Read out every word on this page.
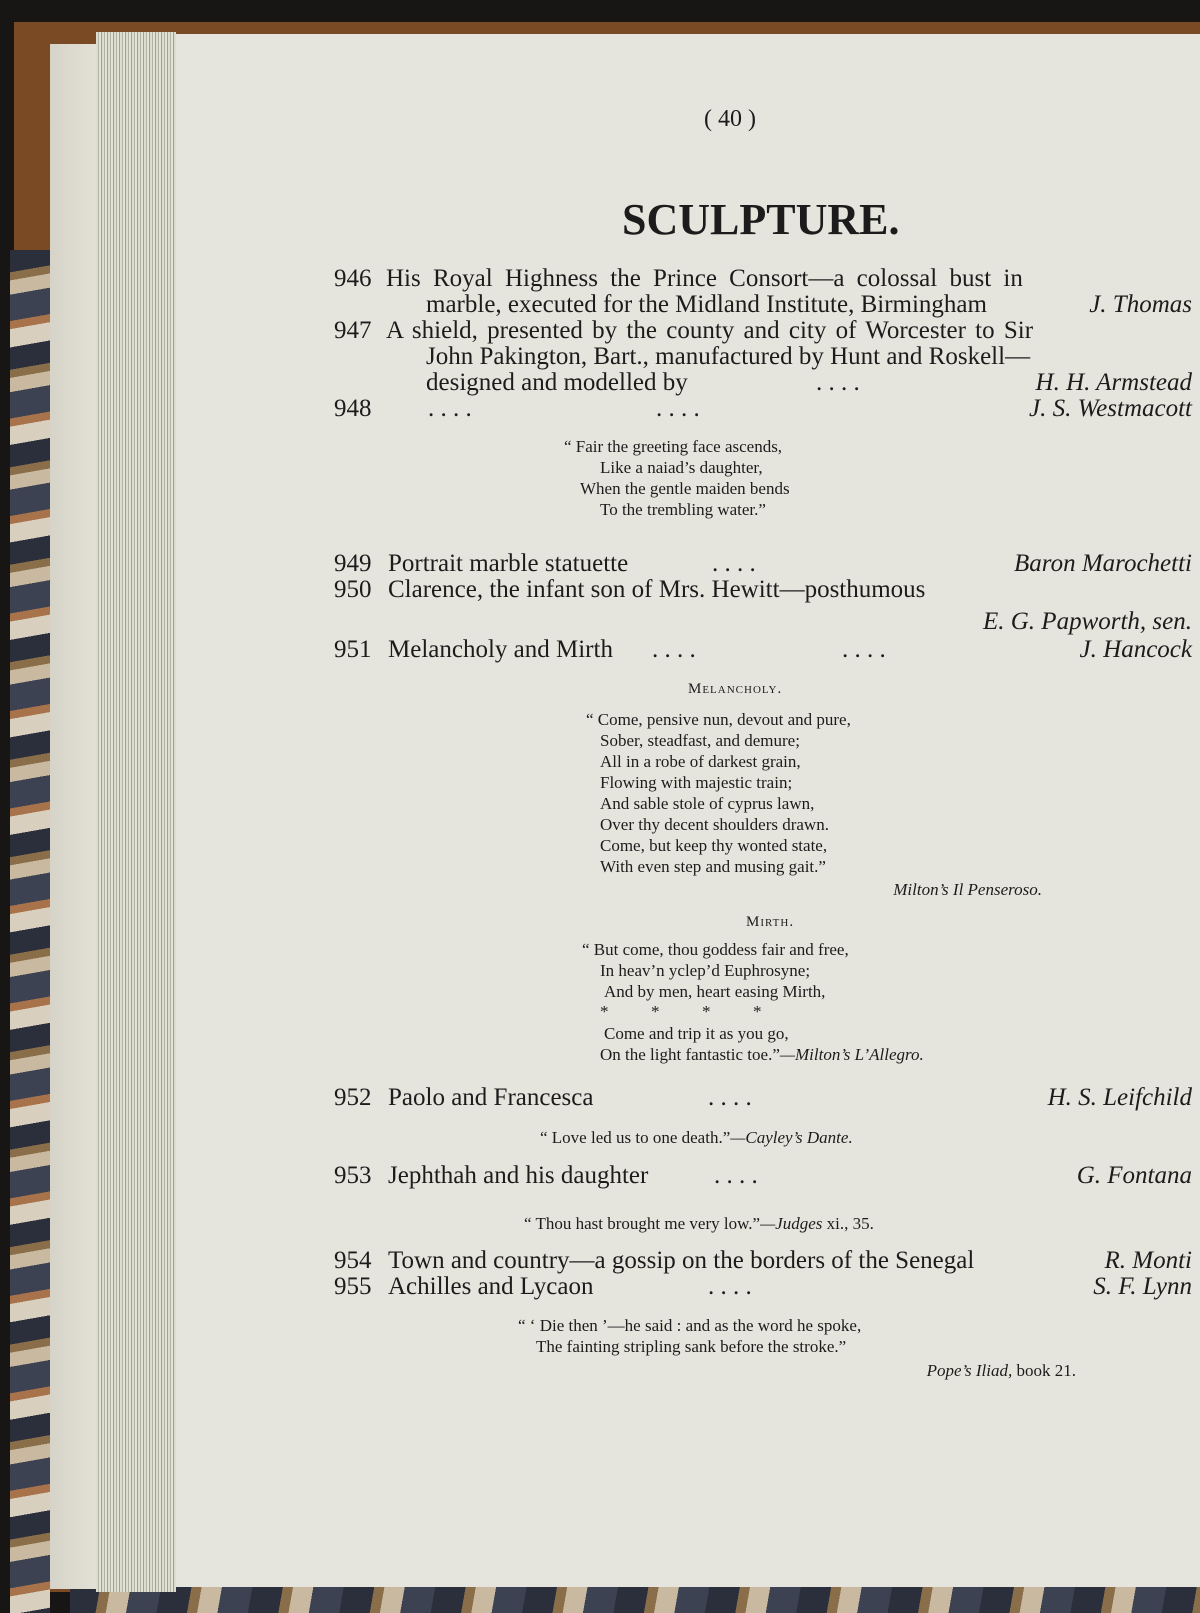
( 40 )
SCULPTURE.
946 His Royal Highness the Prince Consort—a colossal bust in
marble, executed for the Midland Institute, Birmingham	J. Thomas
947 A shield, presented by the county and city of Worcester to Sir
John Pakington, Bart., manufactured by Hunt and Roskell—
designed and modelled by	. . . .	H. H. Armstead
948 . . . .	. . . .	J. S. Westmacott
“ Fair the greeting face ascends,
Like a naiad’s daughter,
When the gentle maiden bends
To the trembling water.”
949 Portrait marble statuette	. . . .	Baron Marochetti
950 Clarence, the infant son of Mrs. Hewitt—posthumous
E. G. Papworth, sen.
951 Melancholy and Mirth . . . .	. . . .	J. Hancock
Melancholy.
“ Come, pensive nun, devout and pure,
Sober, steadfast, and demure;
All in a robe of darkest grain,
Flowing with majestic train;
And sable stole of cyprus lawn,
Over thy decent shoulders drawn.
Come, but keep thy wonted state,
With even step and musing gait.”
Milton’s Il Penseroso.
Mirth.
“ But come, thou goddess fair and free,
In heav’n yclep’d Euphrosyne;
And by men, heart easing Mirth,
*          *          *          *
Come and trip it as you go,
On the light fantastic toe.”—Milton’s L’Allegro.
952 Paolo and Francesca	. . . .	H. S. Leifchild
“ Love led us to one death.”—Cayley’s Dante.
953 Jephthah and his daughter	. . . .	G. Fontana
“ Thou hast brought me very low.”—Judges xi., 35.
954 Town and country—a gossip on the borders of the Senegal	R. Monti
955 Achilles and Lycaon	. . . .	S. F. Lynn
“ ‘ Die then ’—he said : and as the word he spoke,
The fainting stripling sank before the stroke.”
Pope’s Iliad, book 21.
